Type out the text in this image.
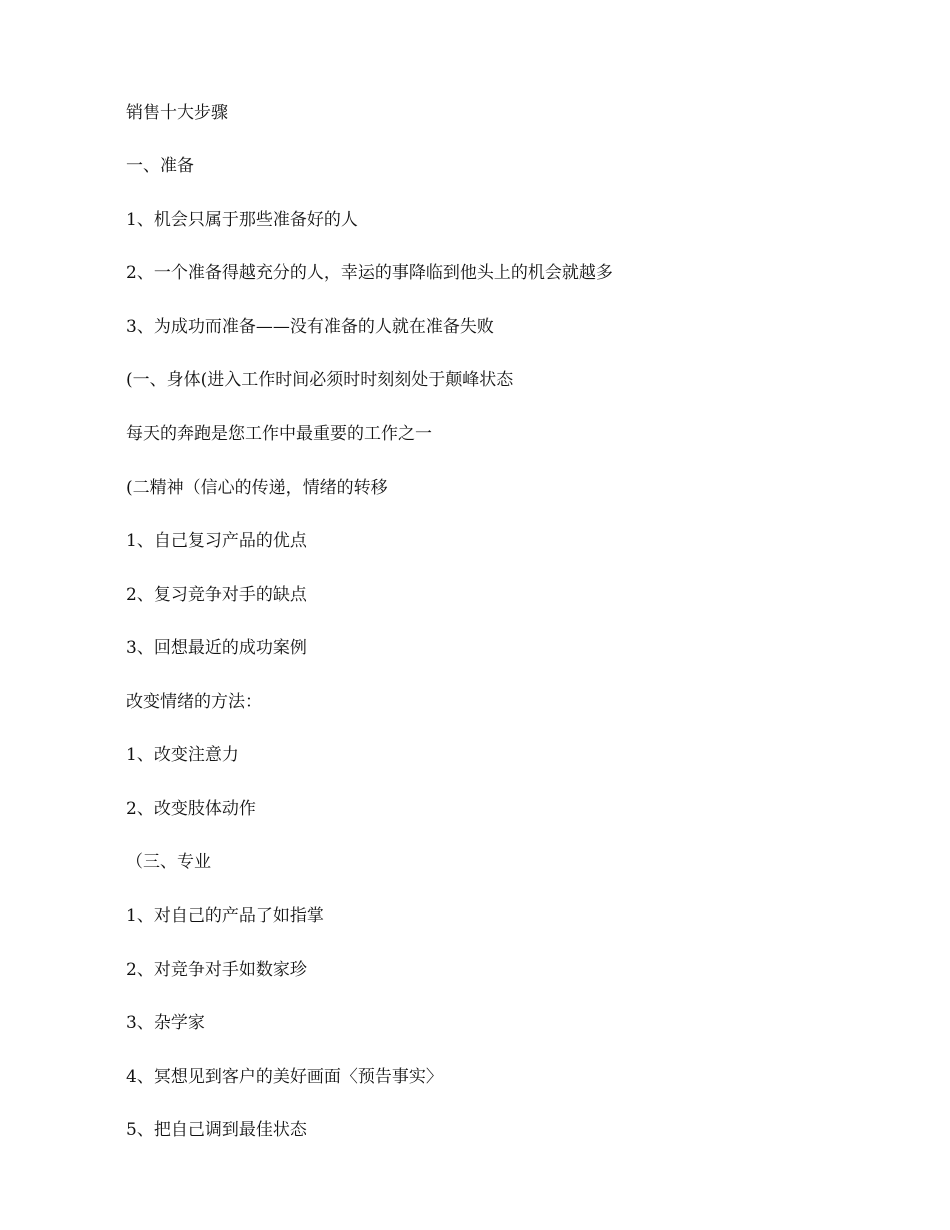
销售十大步骤

一、准备

1、机会只属于那些准备好的人

2、一个准备得越充分的人，幸运的事降临到他头上的机会就越多

3、为成功而准备——没有准备的人就在准备失败

(一、身体(进入工作时间必须时时刻刻处于颠峰状态

每天的奔跑是您工作中最重要的工作之一

(二精神（信心的传递，情绪的转移

1、自己复习产品的优点

2、复习竞争对手的缺点

3、回想最近的成功案例

改变情绪的方法：

1、改变注意力

2、改变肢体动作

（三、专业

1、对自己的产品了如指掌

2、对竞争对手如数家珍

3、杂学家

4、冥想见到客户的美好画面〈预告事实〉

5、把自己调到最佳状态
